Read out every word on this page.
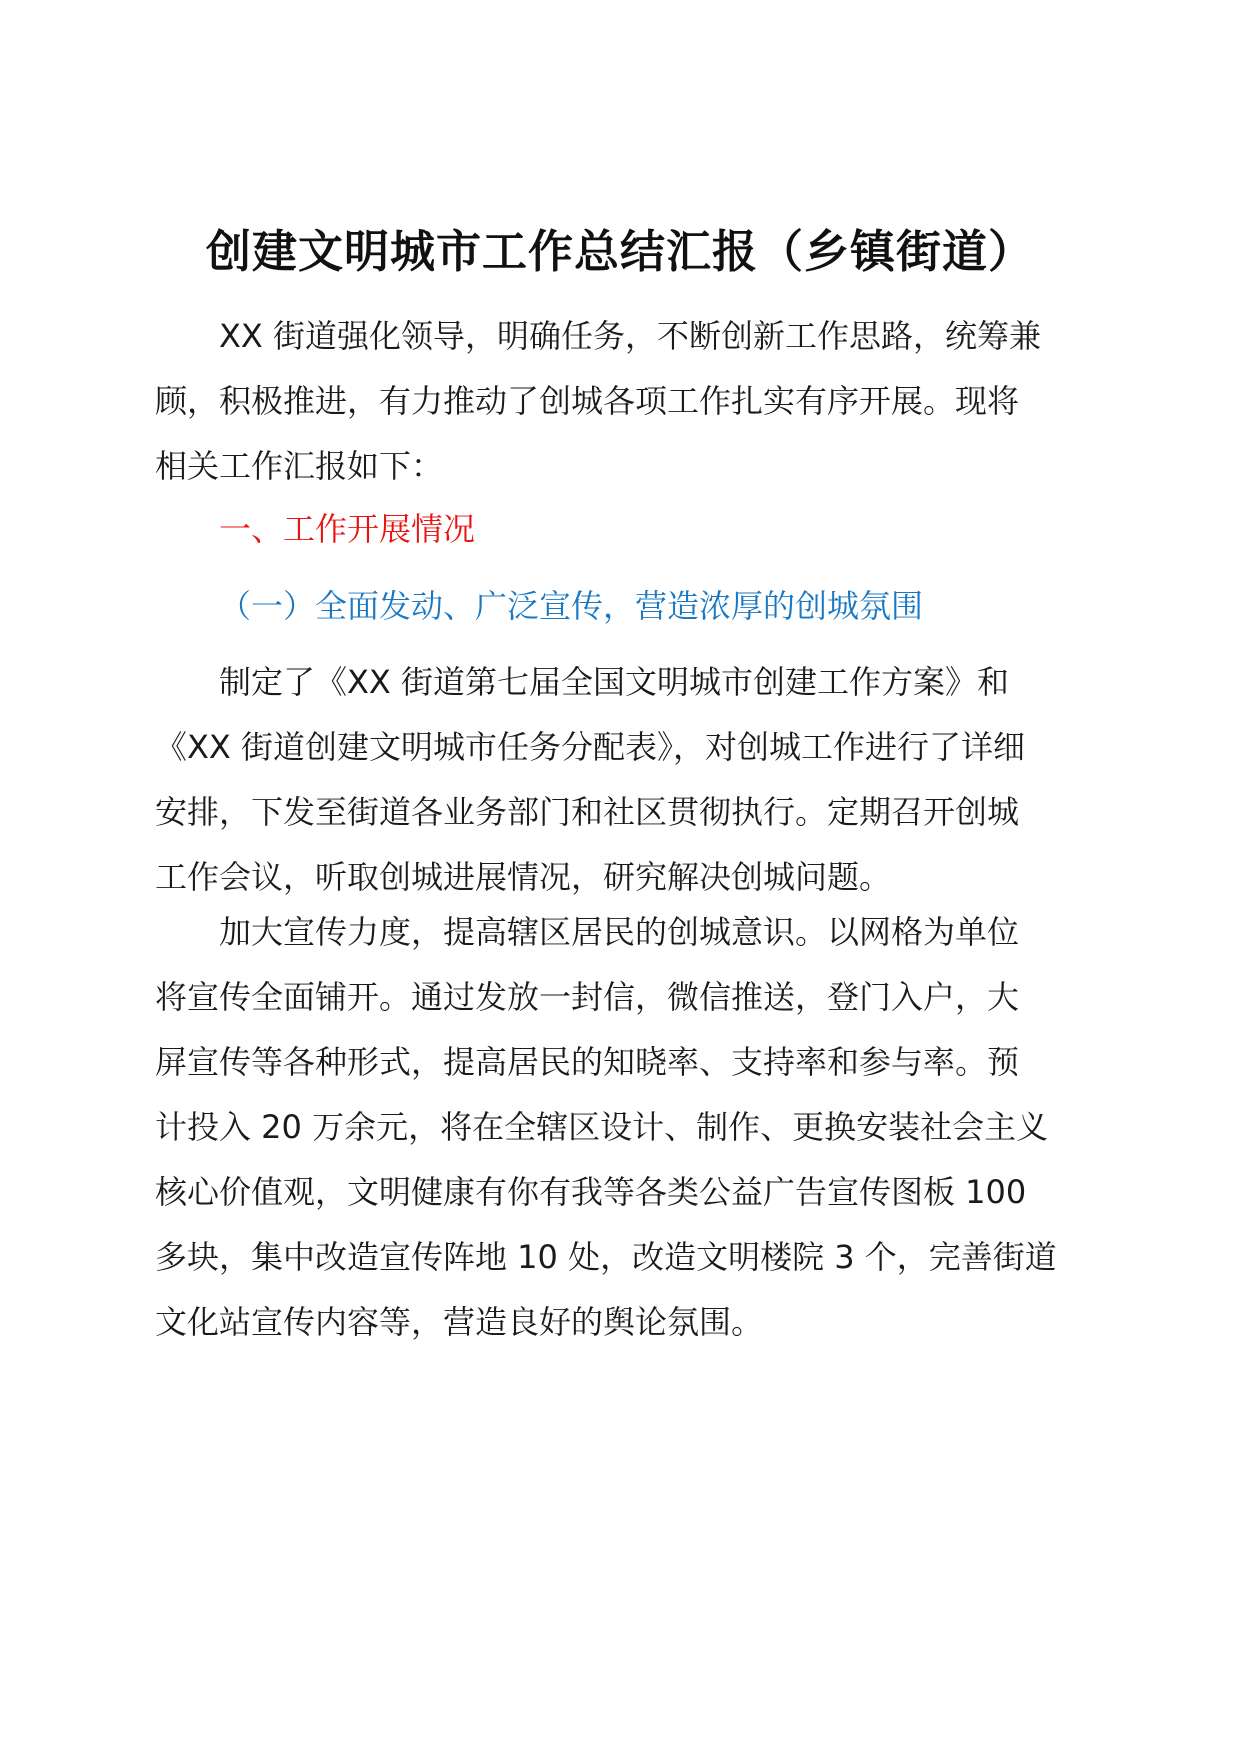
创建文明城市工作总结汇报（乡镇街道）

XX 街道强化领导，明确任务，不断创新工作思路，统筹兼
顾，积极推进，有力推动了创城各项工作扎实有序开展。现将
相关工作汇报如下：

一、工作开展情况

（一）全面发动、广泛宣传，营造浓厚的创城氛围

制定了《XX 街道第七届全国文明城市创建工作方案》和
《XX 街道创建文明城市任务分配表》，对创城工作进行了详细
安排，下发至街道各业务部门和社区贯彻执行。定期召开创城
工作会议，听取创城进展情况，研究解决创城问题。

加大宣传力度，提高辖区居民的创城意识。以网格为单位
将宣传全面铺开。通过发放一封信，微信推送，登门入户，大
屏宣传等各种形式，提高居民的知晓率、支持率和参与率。预
计投入 20 万余元，将在全辖区设计、制作、更换安装社会主义
核心价值观，文明健康有你有我等各类公益广告宣传图板 100
多块，集中改造宣传阵地 10 处，改造文明楼院 3 个，完善街道
文化站宣传内容等，营造良好的舆论氛围。
